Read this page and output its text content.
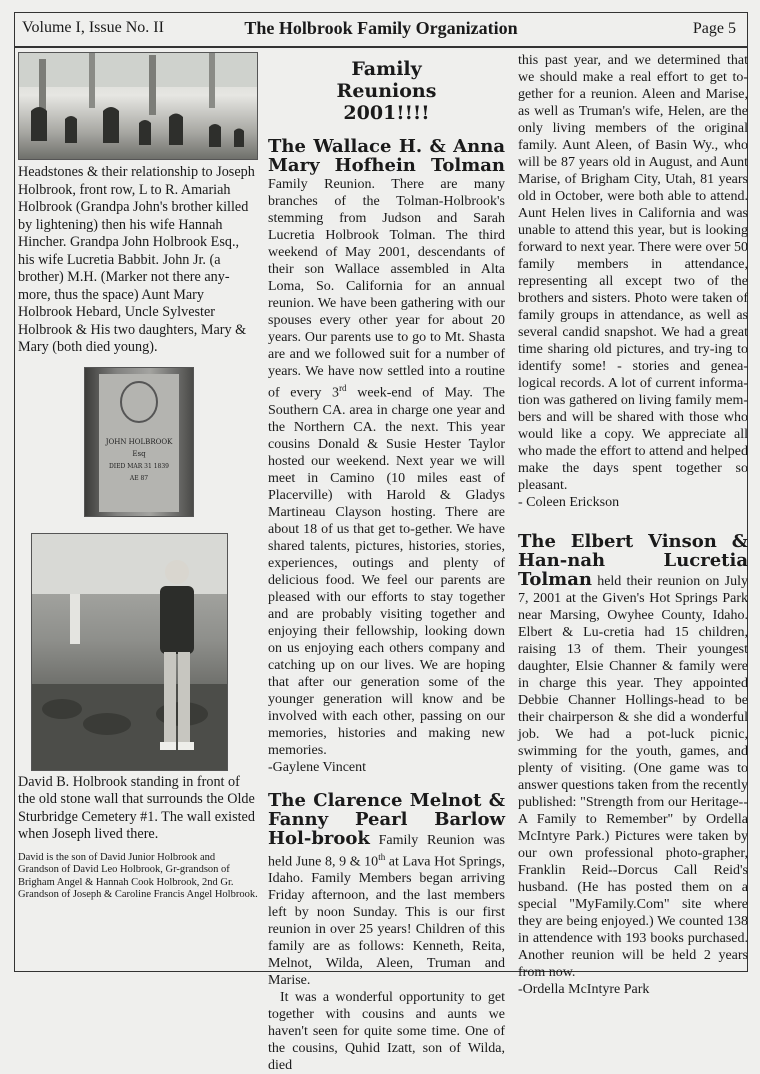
Volume I, Issue No. II	The Holbrook Family Organization	Page 5

Headstones & their relationship to Joseph Holbrook, front row, L to R. Amariah Holbrook (Grandpa John's brother killed by lightening) then his wife Hannah Hincher. Grandpa John Holbrook Esq., his wife Lucretia Babbit. John Jr. (a brother) M.H. (Marker not there any-more, thus the space) Aunt Mary Holbrook Hebard, Uncle Sylvester Holbrook & His two daughters, Mary & Mary (both died young).

JOHN HOLBROOK
Esq
DIED MAR 31 1839
AE 87

David B. Holbrook standing in front of the old stone wall that surrounds the Olde Sturbridge Cemetery #1. The wall existed when Joseph lived there.

David is the son of David Junior Holbrook and Grandson of David Leo Holbrook, Gr-grandson of Brigham Angel & Hannah Cook Holbrook, 2nd Gr. Grandson of Joseph & Caroline Francis Angel Holbrook.

Family Reunions 2001!!!!

The Wallace H. & Anna Mary Hofhein Tolman Family Reunion. There are many branches of the Tolman-Holbrook's stemming from Judson and Sarah Lucretia Holbrook Tolman. The third weekend of May 2001, descendants of their son Wallace assembled in Alta Loma, So. California for an annual reunion. We have been gathering with our spouses every other year for about 20 years. Our parents use to go to Mt. Shasta are and we followed suit for a number of years. We have now settled into a routine of every 3rd week-end of May. The Southern CA. area in charge one year and the Northern CA. the next. This year cousins Donald & Susie Hester Taylor hosted our weekend. Next year we will meet in Camino (10 miles east of Placerville) with Harold & Gladys Martineau Clayson hosting. There are about 18 of us that get to-gether. We have shared talents, pictures, histories, stories, experiences, outings and plenty of delicious food. We feel our parents are pleased with our efforts to stay together and are probably visiting together and enjoying their fellowship, looking down on us enjoying each others company and catching up on our lives. We are hoping that after our generation some of the younger generation will know and be involved with each other, passing on our memories, histories and making new memories.

-Gaylene Vincent

The Clarence Melnot & Fanny Pearl Barlow Hol-brook Family Reunion was held June 8, 9 & 10th at Lava Hot Springs, Idaho. Family Members began arriving Friday afternoon, and the last members left by noon Sunday. This is our first reunion in over 25 years! Children of this family are as follows: Kenneth, Reita, Melnot, Wilda, Aleen, Truman and Marise.

It was a wonderful opportunity to get together with cousins and aunts we haven't seen for quite some time. One of the cousins, Quhid Izatt, son of Wilda, died

this past year, and we determined that we should make a real effort to get to-gether for a reunion. Aleen and Marise, as well as Truman's wife, Helen, are the only living members of the original family. Aunt Aleen, of Basin Wy., who will be 87 years old in August, and Aunt Marise, of Brigham City, Utah, 81 years old in October, were both able to attend. Aunt Helen lives in California and was unable to attend this year, but is looking forward to next year. There were over 50 family members in attendance, representing all except two of the brothers and sisters. Photo were taken of family groups in attendance, as well as several candid snapshot. We had a great time sharing old pictures, and try-ing to identify some! - stories and genea-logical records. A lot of current informa-tion was gathered on living family mem-bers and will be shared with those who would like a copy. We appreciate all who made the effort to attend and helped make the days spent together so pleasant.

- Coleen Erickson

The Elbert Vinson & Han-nah Lucretia Tolman held their reunion on July 7, 2001 at the Given's Hot Springs Park near Marsing, Owyhee County, Idaho. Elbert & Lu-cretia had 15 children, raising 13 of them. Their youngest daughter, Elsie Channer & family were in charge this year. They appointed Debbie Channer Hollings-head to be their chairperson & she did a wonderful job. We had a pot-luck picnic, swimming for the youth, games, and plenty of visiting. (One game was to answer questions taken from the recently published: "Strength from our Heritage--A Family to Remember" by Ordella McIntyre Park.) Pictures were taken by our own professional photo-grapher, Franklin Reid--Dorcus Call Reid's husband. (He has posted them on a special "MyFamily.Com" site where they are being enjoyed.) We counted 138 in attendence with 193 books purchased. Another reunion will be held 2 years from now.

-Ordella McIntyre Park
